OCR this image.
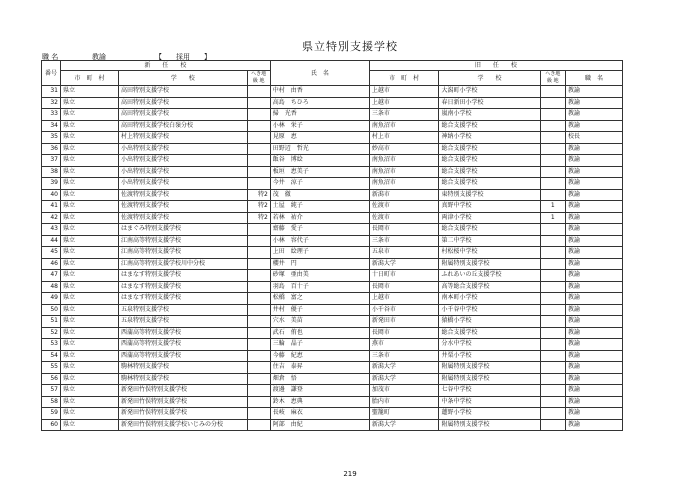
県立特別支援学校
職 名	教諭	【　　採用　　】
番号	新　　任　　校			氏　名	旧　　任　　校			
	市　町　村	学　　校	へき地
級 地		市　町　村	学　　校	へき地
級 地	職　名
31	県立	高田特別支援学校		中村　由香	上越市	大潟町小学校		教諭
32	県立	高田特別支援学校		高島　ちひろ	上越市	春日新田小学校		教諭
33	県立	高田特別支援学校		掃　光香	三条市	嵐南小学校		教諭
34	県立	高田特別支援学校白嶺分校		小林　栄子	南魚沼市	総合支援学校		教諭
35	県立	村上特別支援学校		見原　恵	村上市	神納小学校		校長
36	県立	小出特別支援学校		田野辺　哲光	妙高市	総合支援学校		教諭
37	県立	小出特別支援学校		飯谷　博絵	南魚沼市	総合支援学校		教諭
38	県立	小出特別支援学校		板垣　恵美子	南魚沼市	総合支援学校		教諭
39	県立	小出特別支援学校		今井　涼子	南魚沼市	総合支援学校		教諭
40	県立	佐渡特別支援学校	特2	茂　徹	新潟市	東特別支援学校		教諭
41	県立	佐渡特別支援学校	特2	土屋　純子	佐渡市	真野中学校	1	教諭
42	県立	佐渡特別支援学校	特2	若林　祐介	佐渡市	両津小学校	1	教諭
43	県立	はまぐみ特別支援学校		齋藤　愛子	長岡市	総合支援学校		教諭
44	県立	江南高等特別支援学校		小林　容代子	三条市	第二中学校		教諭
45	県立	江南高等特別支援学校		上田　絵理子	五泉市	村松桜中学校		教諭
46	県立	江南高等特別支援学校川中分校		櫻井　円	新潟大学	附属特別支援学校		教諭
47	県立	はまなす特別支援学校		砂塚　亜由美	十日町市	ふれあいの丘支援学校		教諭
48	県立	はまなす特別支援学校		羽島　百十子	長岡市	高等総合支援学校		教諭
49	県立	はまなす特別支援学校		松橋　富之	上越市	南本町小学校		教諭
50	県立	五泉特別支援学校		井村　優子	小千谷市	小千谷中学校		教諭
51	県立	五泉特別支援学校		穴水　美苗	新発田市	猿橋小学校		教諭
52	県立	西蒲高等特別支援学校		武石　侑也	長岡市	総合支援学校		教諭
53	県立	西蒲高等特別支援学校		三輪　晶子	燕市	分水中学校		教諭
54	県立	西蒲高等特別支援学校		今藤　紀恵	三条市	井栗小学校		教諭
55	県立	駒林特別支援学校		住吉　泰昇	新潟大学	附属特別支援学校		教諭
56	県立	駒林特別支援学校		畑倉　悟	新潟大学	附属特別支援学校		教諭
57	県立	新発田竹俣特別支援学校		渡邊　謙登	加茂市	七谷中学校		教諭
58	県立	新発田竹俣特別支援学校		鈴木　恵典	胎内市	中条中学校		教諭
59	県立	新発田竹俣特別支援学校		長岐　麻衣	聖籠町	蓮野小学校		教諭
60	県立	新発田竹俣特別支援学校いじみの分校		阿部　由紀	新潟大学	附属特別支援学校		教諭
219
